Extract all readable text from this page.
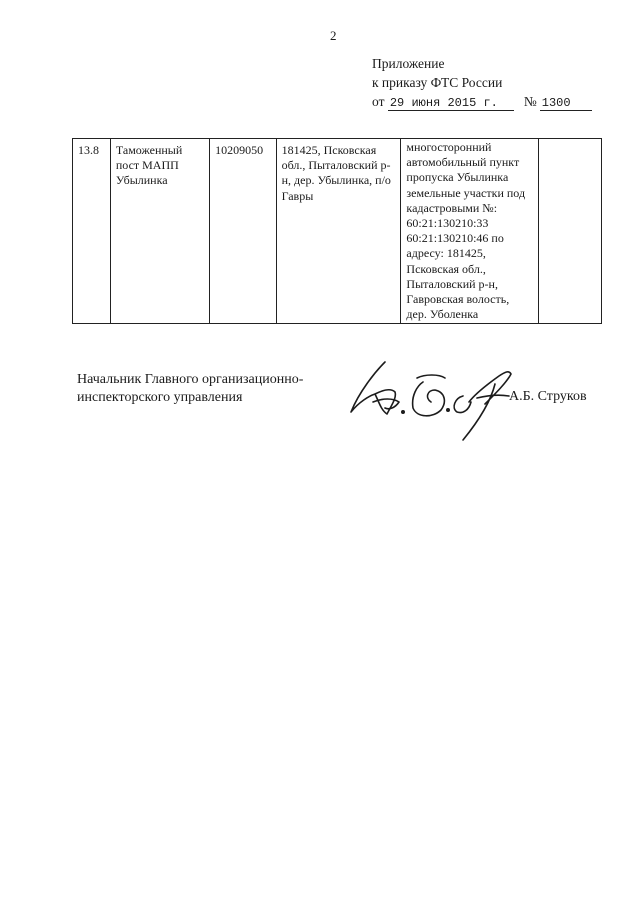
2
Приложение
к приказу ФТС России
от 29 июня 2015 г. № 1300
13.8	Таможенный пост МАПП Убылинка	10209050	181425, Псковская обл., Пыталовский р-н, дер. Убылинка, п/о Гавры	многосторонний автомобильный пункт пропуска Убылинка земельные участки под кадастровыми №: 60:21:130210:33 60:21:130210:46 по адресу: 181425, Псковская обл., Пыталовский р-н, Гавровская волость, дер. Уболенка	
Начальник Главного организационно-
инспекторского управления	А.Б. Струков
